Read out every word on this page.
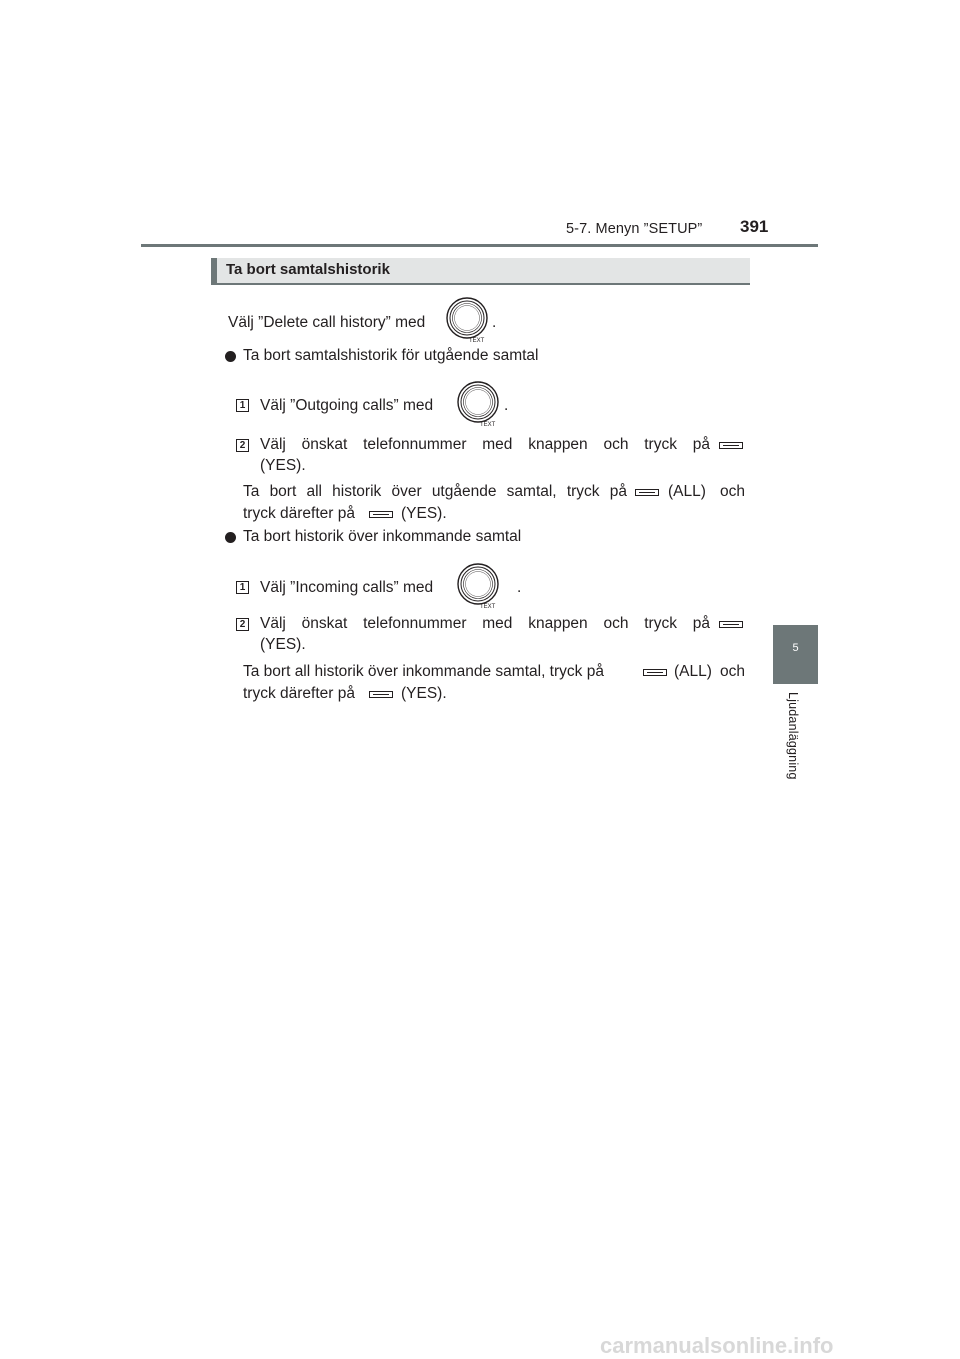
5-7. Menyn ”SETUP” 391
5
Ljudanläggning
Ta bort samtalshistorik
Välj ”Delete call history” med
TEXT
.
Ta bort samtalshistorik för utgående samtal
1 Välj ”Outgoing calls” med
TEXT
.
2 Välj önskat telefonnummer med knappen och tryck på
(YES).
Ta bort all historik över utgående samtal, tryck på	(ALL) och
tryck därefter på	(YES).
Ta bort historik över inkommande samtal
1 Välj ”Incoming calls” med
TEXT
.
2 Välj önskat telefonnummer med knappen och tryck på
(YES).
Ta bort all historik över inkommande samtal, tryck på	(ALL) och
tryck därefter på	(YES).
carmanualsonline.info
